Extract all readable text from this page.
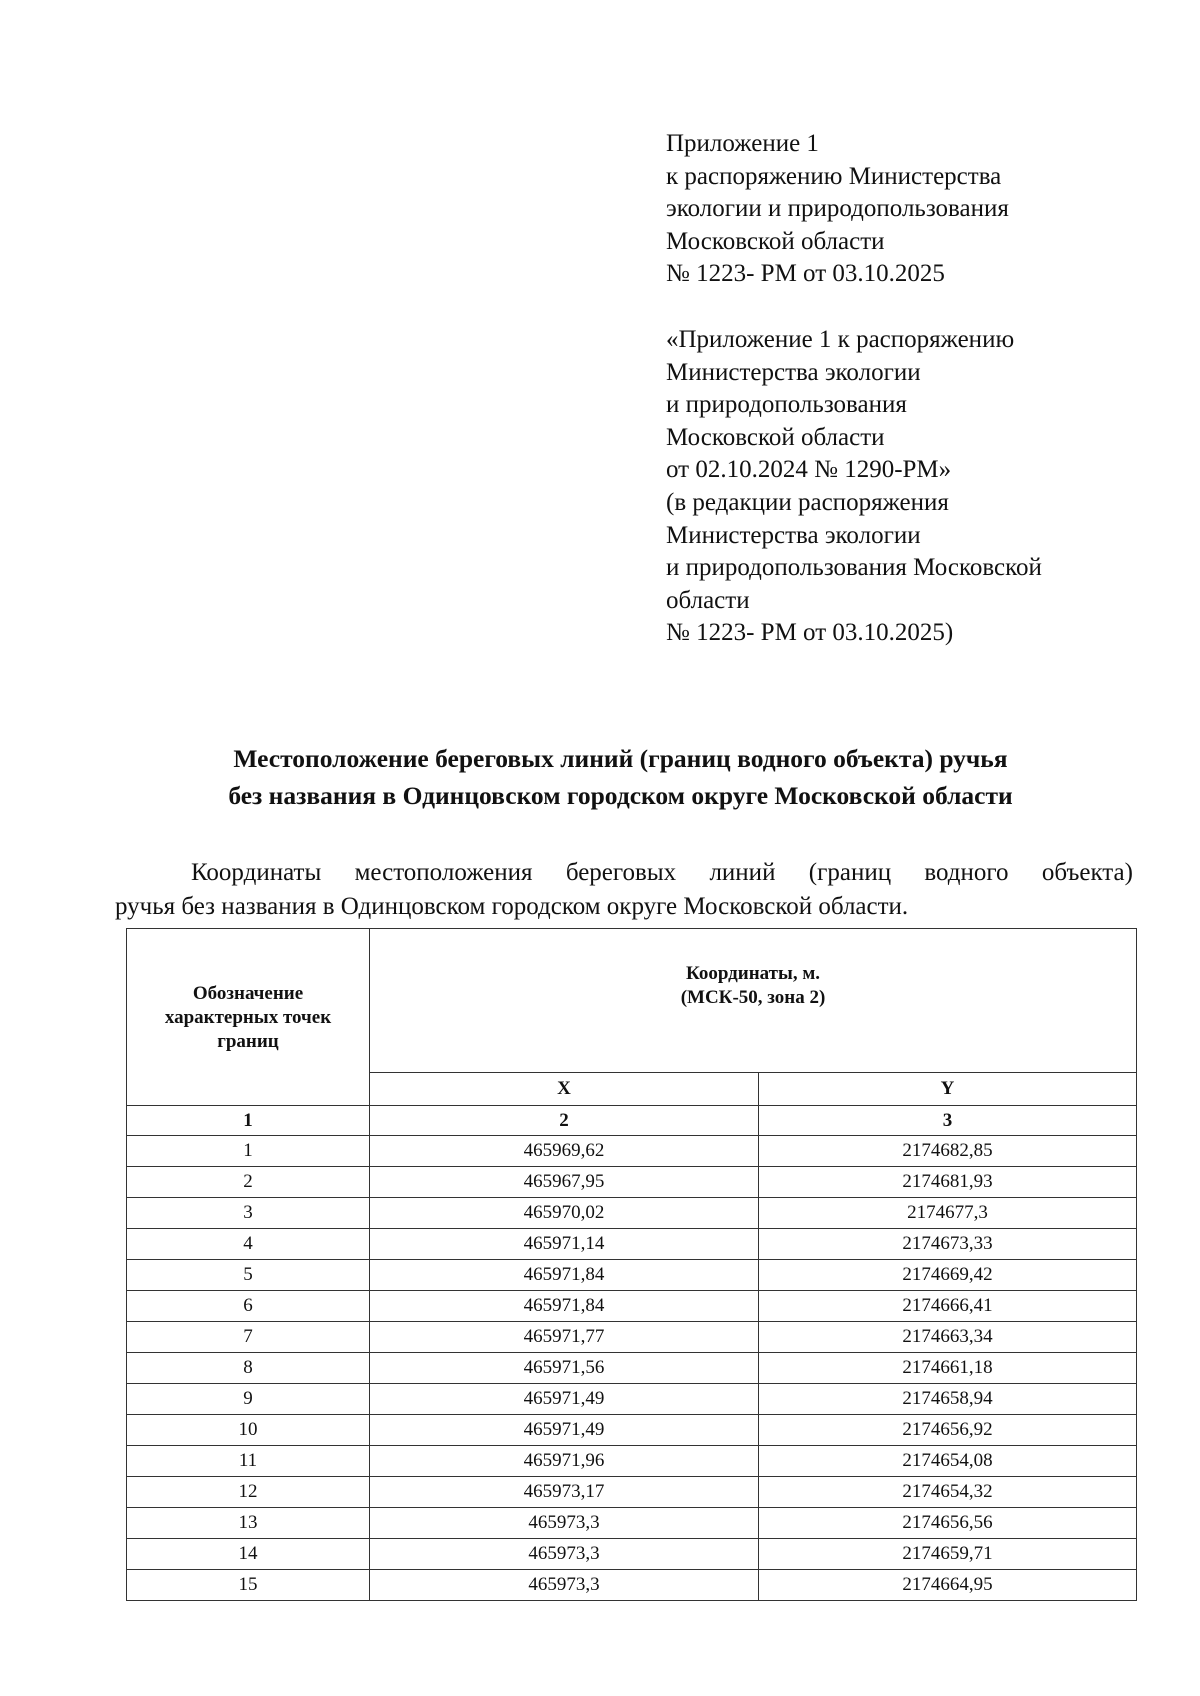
Приложение 1
к распоряжению Министерства
экологии и природопользования
Московской области
№ 1223- РМ от 03.10.2025
«Приложение 1 к распоряжению
Министерства экологии
и природопользования
Московской области
от 02.10.2024 № 1290-РМ»
(в редакции распоряжения
Министерства экологии
и природопользования Московской
области
№ 1223- РМ от 03.10.2025)
Местоположение береговых линий (границ водного объекта) ручья
без названия в Одинцовском городском округе Московской области
Координаты местоположения береговых линий (границ водного объекта)
ручья без названия в Одинцовском городском округе Московской области.
Обозначение
характерных точек
границ	Координаты, м.
(МСК-50, зона 2)	
	X	Y
1	2	3
1	465969,62	2174682,85
2	465967,95	2174681,93
3	465970,02	2174677,3
4	465971,14	2174673,33
5	465971,84	2174669,42
6	465971,84	2174666,41
7	465971,77	2174663,34
8	465971,56	2174661,18
9	465971,49	2174658,94
10	465971,49	2174656,92
11	465971,96	2174654,08
12	465973,17	2174654,32
13	465973,3	2174656,56
14	465973,3	2174659,71
15	465973,3	2174664,95
